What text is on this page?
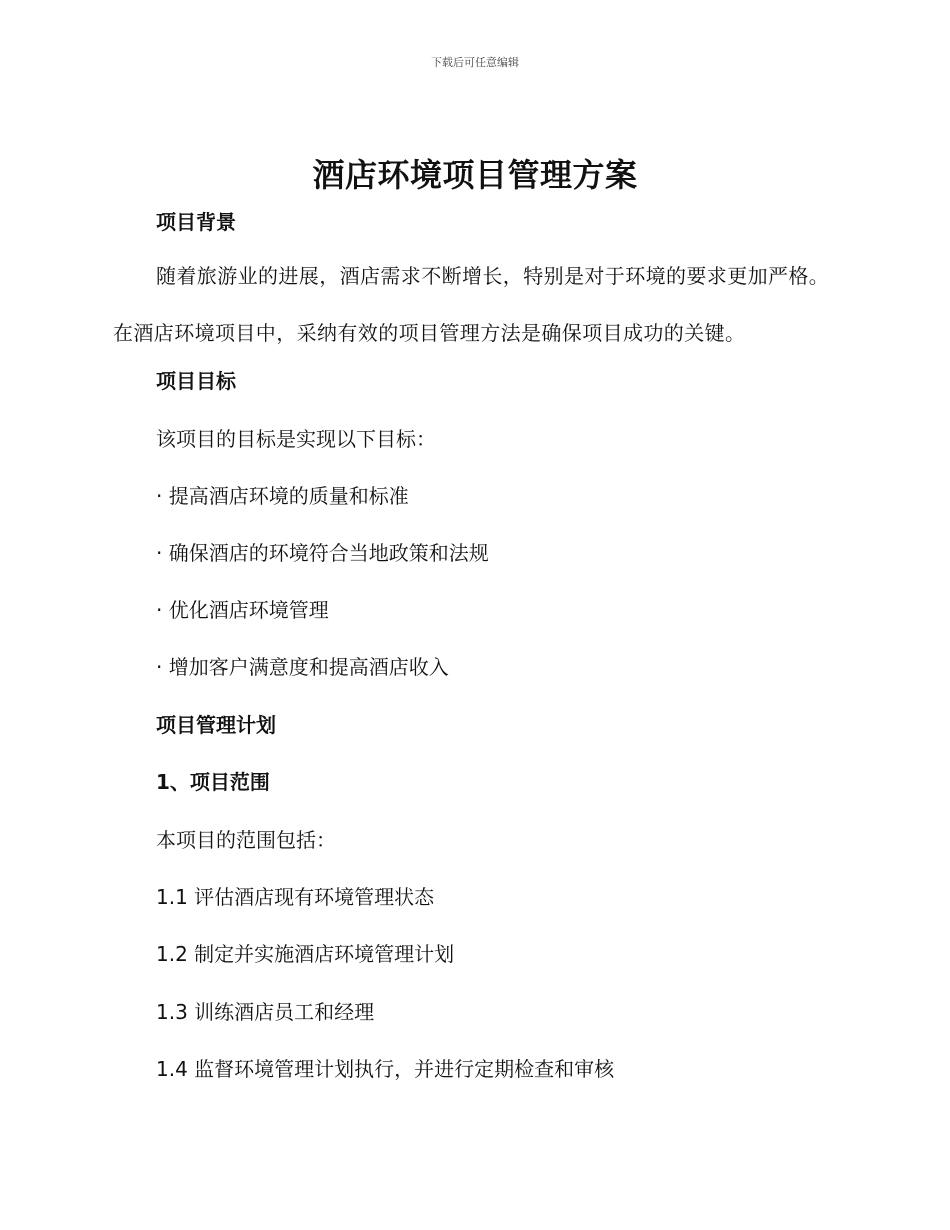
下载后可任意编辑
酒店环境项目管理方案
项目背景
随着旅游业的进展，酒店需求不断增长，特别是对于环境的要求更加严格。在酒店环境项目中，采纳有效的项目管理方法是确保项目成功的关键。
项目目标
该项目的目标是实现以下目标：
· 提高酒店环境的质量和标准
· 确保酒店的环境符合当地政策和法规
· 优化酒店环境管理
· 增加客户满意度和提高酒店收入
项目管理计划
1、项目范围
本项目的范围包括：
1.1 评估酒店现有环境管理状态
1.2 制定并实施酒店环境管理计划
1.3 训练酒店员工和经理
1.4 监督环境管理计划执行，并进行定期检查和审核
